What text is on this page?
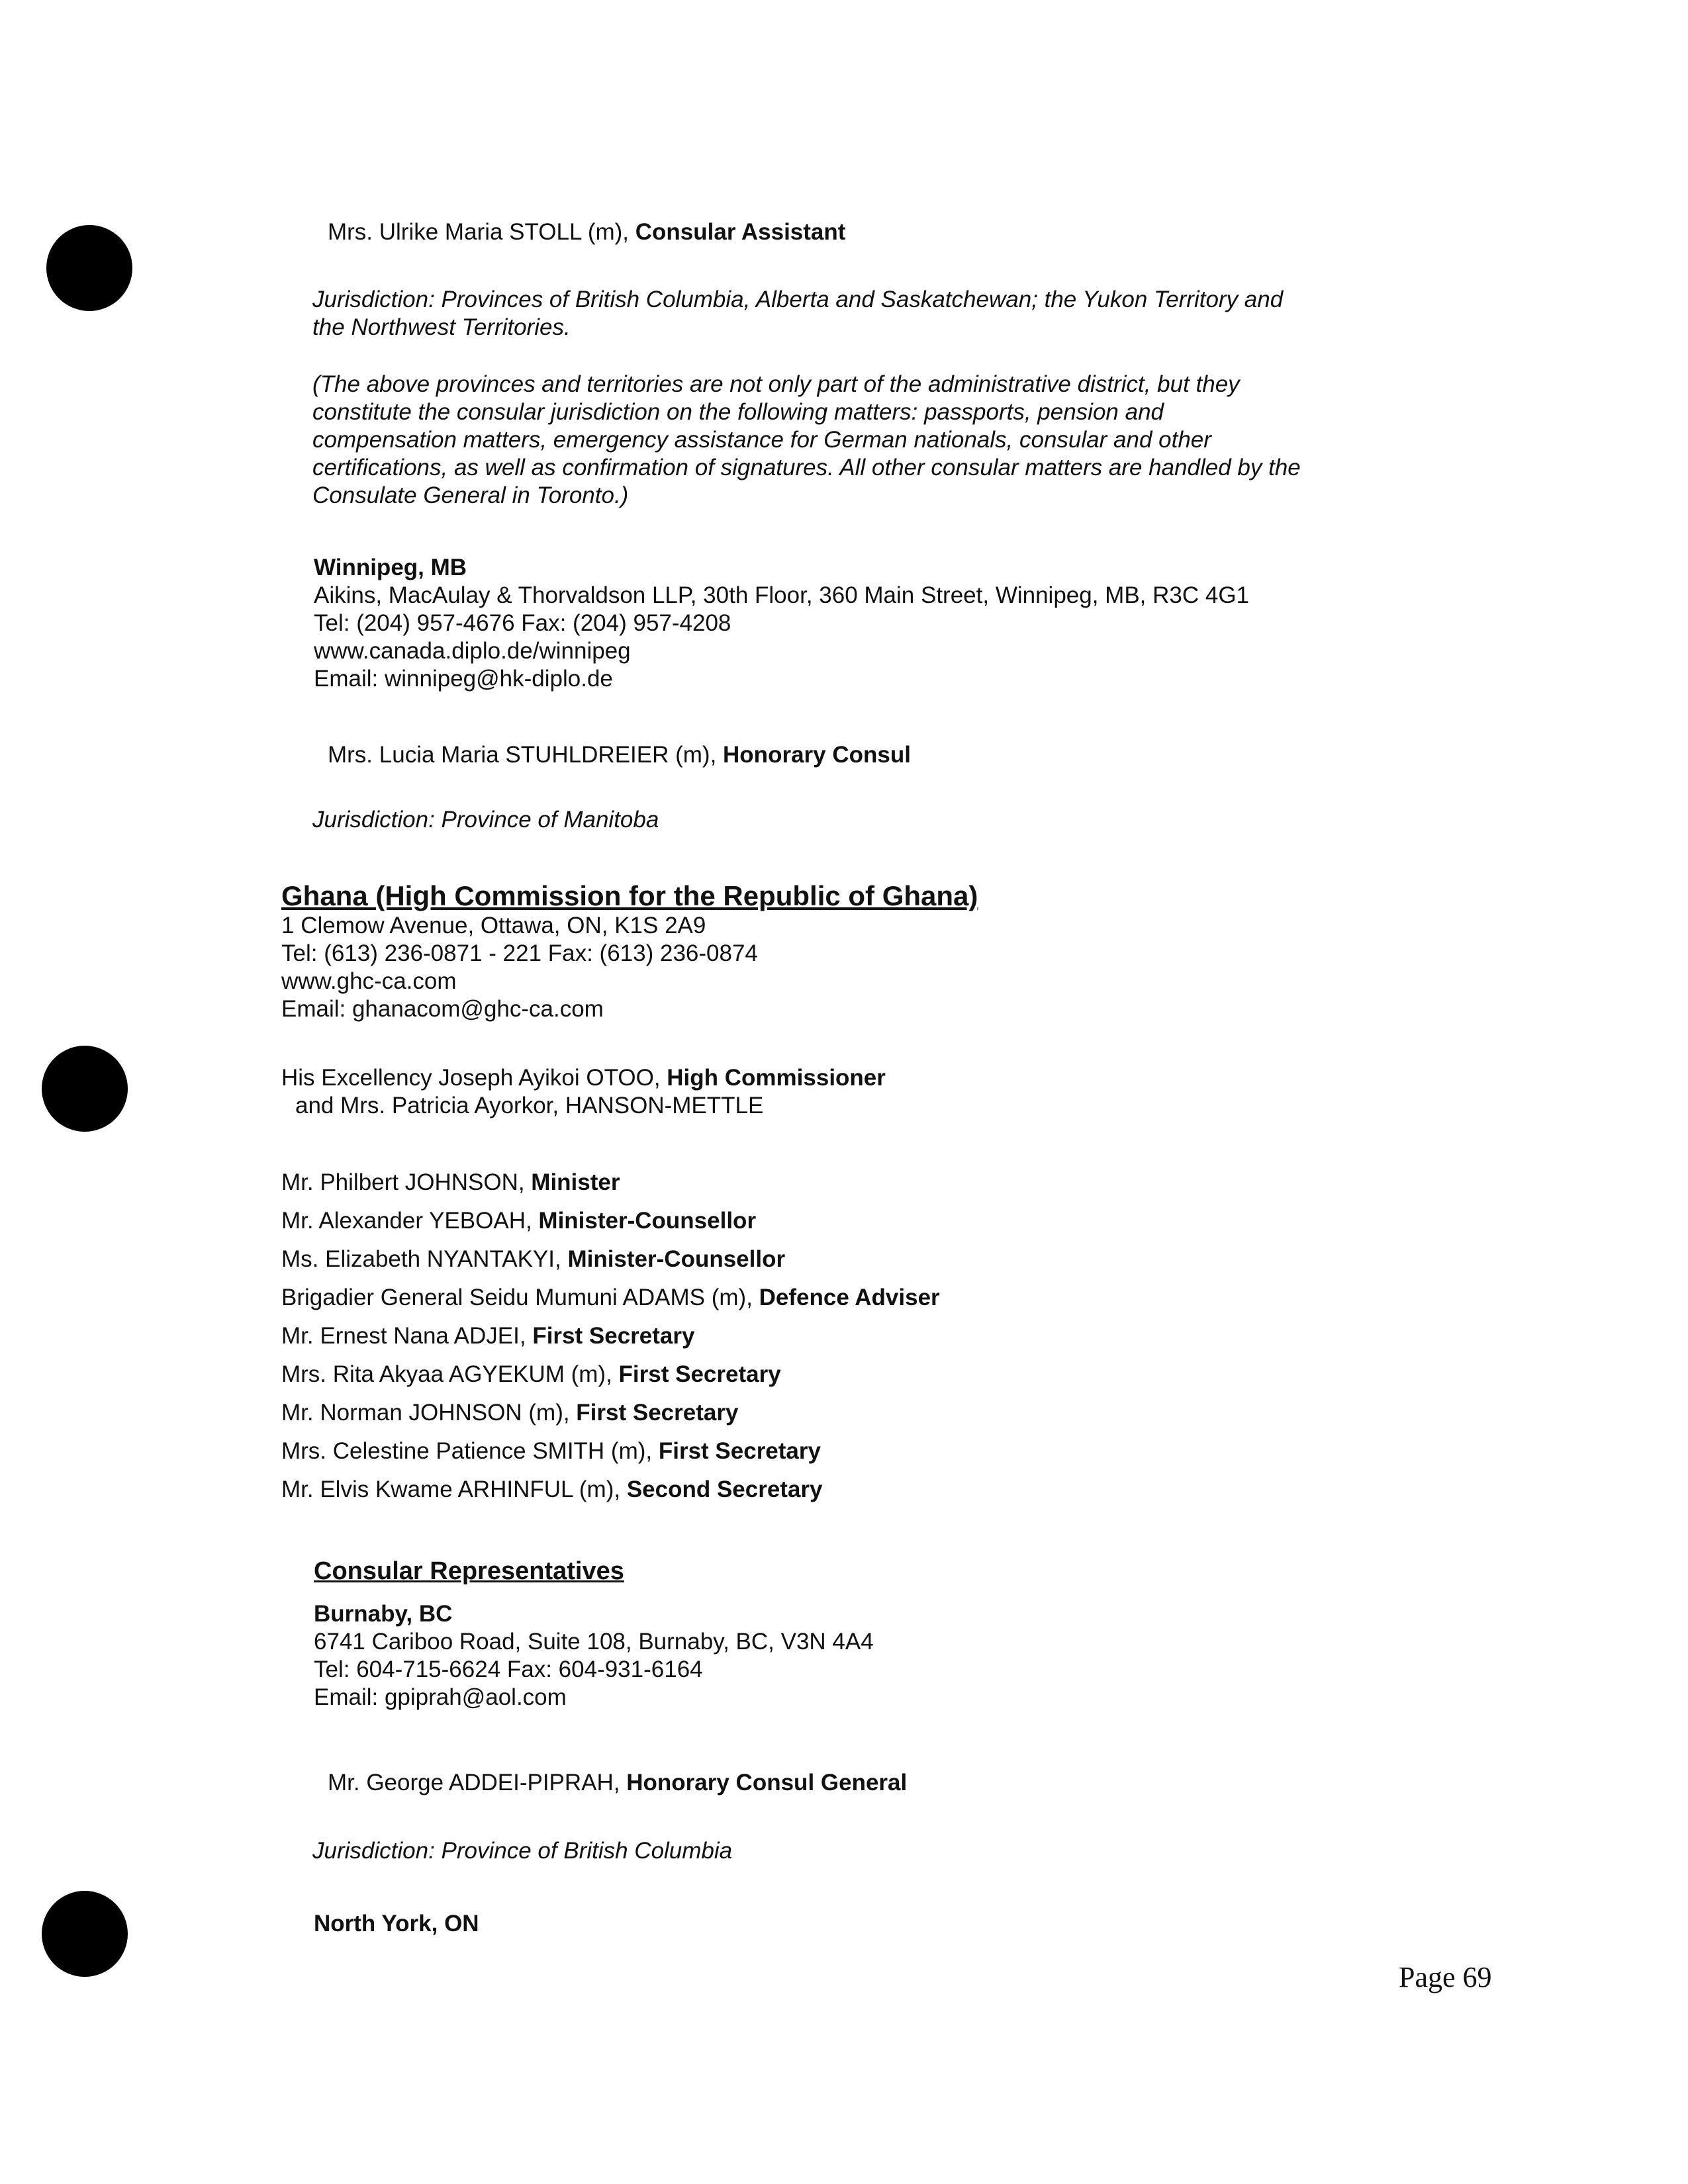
Mrs. Ulrike Maria STOLL (m), Consular Assistant
Jurisdiction: Provinces of British Columbia, Alberta and Saskatchewan; the Yukon Territory and
the Northwest Territories.
(The above provinces and territories are not only part of the administrative district, but they
constitute the consular jurisdiction on the following matters: passports, pension and
compensation matters, emergency assistance for German nationals, consular and other
certifications, as well as confirmation of signatures. All other consular matters are handled by the
Consulate General in Toronto.)
Winnipeg, MB
Aikins, MacAulay & Thorvaldson LLP, 30th Floor, 360 Main Street, Winnipeg, MB, R3C 4G1
Tel: (204) 957-4676 Fax: (204) 957-4208
www.canada.diplo.de/winnipeg
Email: winnipeg@hk-diplo.de
Mrs. Lucia Maria STUHLDREIER (m), Honorary Consul
Jurisdiction: Province of Manitoba
Ghana (High Commission for the Republic of Ghana)
1 Clemow Avenue, Ottawa, ON, K1S 2A9
Tel: (613) 236-0871 - 221 Fax: (613) 236-0874
www.ghc-ca.com
Email: ghanacom@ghc-ca.com
His Excellency Joseph Ayikoi OTOO, High Commissioner
and Mrs. Patricia Ayorkor, HANSON-METTLE
Mr. Philbert JOHNSON, Minister
Mr. Alexander YEBOAH, Minister-Counsellor
Ms. Elizabeth NYANTAKYI, Minister-Counsellor
Brigadier General Seidu Mumuni ADAMS (m), Defence Adviser
Mr. Ernest Nana ADJEI, First Secretary
Mrs. Rita Akyaa AGYEKUM (m), First Secretary
Mr. Norman JOHNSON (m), First Secretary
Mrs. Celestine Patience SMITH (m), First Secretary
Mr. Elvis Kwame ARHINFUL (m), Second Secretary
Consular Representatives
Burnaby, BC
6741 Cariboo Road, Suite 108, Burnaby, BC, V3N 4A4
Tel: 604-715-6624 Fax: 604-931-6164
Email: gpiprah@aol.com
Mr. George ADDEI-PIPRAH, Honorary Consul General
Jurisdiction: Province of British Columbia
North York, ON
Page 69
